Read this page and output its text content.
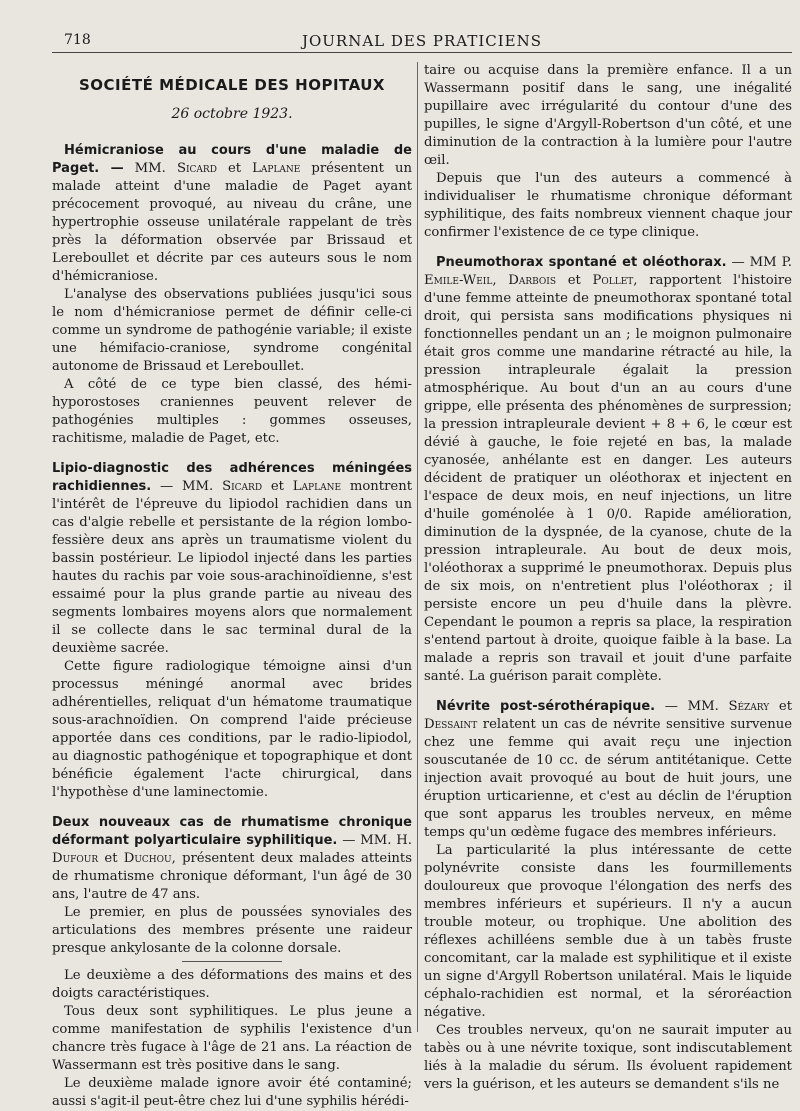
718	JOURNAL DES PRATICIENS
SOCIÉTÉ MÉDICALE DES HOPITAUX
26 octobre 1923.

Hémicraniose au cours d'une maladie de Paget. — MM. Sicard et Laplane présentent un malade atteint d'une maladie de Paget ayant précocement provoqué, au niveau du crâne, une hypertrophie osseuse unilatérale rappelant de très près la déformation observée par Brissaud et Lereboullet et décrite par ces auteurs sous le nom d'hémicraniose.

L'analyse des observations publiées jusqu'ici sous le nom d'hémicraniose permet de définir celle-ci comme un syndrome de pathogénie variable; il existe une hémifacio-craniose, syndrome congénital autonome de Brissaud et Lereboullet.

A côté de ce type bien classé, des hémi-hyporostoses craniennes peuvent relever de pathogénies multiples : gommes osseuses, rachitisme, maladie de Paget, etc.

Lipio-diagnostic des adhérences méningées rachidiennes. — MM. Sicard et Laplane montrent l'intérêt de l'épreuve du lipiodol rachidien dans un cas d'algie rebelle et persistante de la région lombo-fessière deux ans après un traumatisme violent du bassin postérieur. Le lipiodol injecté dans les parties hautes du rachis par voie sous-arachinoïdienne, s'est essaimé pour la plus grande partie au niveau des segments lombaires moyens alors que normalement il se collecte dans le sac terminal dural de la deuxième sacrée.

Cette figure radiologique témoigne ainsi d'un processus méningé anormal avec brides adhérentielles, reliquat d'un hématome traumatique sous-arachnoïdien. On comprend l'aide précieuse apportée dans ces conditions, par le radio-lipiodol, au diagnostic pathogénique et topographique et dont bénéficie également l'acte chirurgical, dans l'hypothèse d'une laminectomie.

Deux nouveaux cas de rhumatisme chronique déformant polyarticulaire syphilitique. — MM. H. Dufour et Duchou, présentent deux malades atteints de rhumatisme chronique déformant, l'un âgé de 30 ans, l'autre de 47 ans.

Le premier, en plus de poussées synoviales des articulations des membres présente une raideur presque ankylosante de la colonne dorsale.

Le deuxième a des déformations des mains et des doigts caractéristiques.

Tous deux sont syphilitiques. Le plus jeune a comme manifestation de syphilis l'existence d'un chancre très fugace à l'âge de 21 ans. La réaction de Wassermann est très positive dans le sang.

Le deuxième malade ignore avoir été contaminé; aussi s'agit-il peut-être chez lui d'une syphilis hérédi-

taire ou acquise dans la première enfance. Il a un Wassermann positif dans le sang, une inégalité pupillaire avec irrégularité du contour d'une des pupilles, le signe d'Argyll-Robertson d'un côté, et une diminution de la contraction à la lumière pour l'autre œil.

Depuis que l'un des auteurs a commencé à individualiser le rhumatisme chronique déformant syphilitique, des faits nombreux viennent chaque jour confirmer l'existence de ce type clinique.

Pneumothorax spontané et oléothorax. — MM P. Emile-Weil, Darbois et Pollet, rapportent l'histoire d'une femme atteinte de pneumothorax spontané total droit, qui persista sans modifications physiques ni fonctionnelles pendant un an ; le moignon pulmonaire était gros comme une mandarine rétracté au hile, la pression intrapleurale égalait la pression atmosphérique. Au bout d'un an au cours d'une grippe, elle présenta des phénomènes de surpression; la pression intrapleurale devient + 8 + 6, le cœur est dévié à gauche, le foie rejeté en bas, la malade cyanosée, anhélante est en danger. Les auteurs décident de pratiquer un oléothorax et injectent en l'espace de deux mois, en neuf injections, un litre d'huile goménolée à 1 0/0. Rapide amélioration, diminution de la dyspnée, de la cyanose, chute de la pression intrapleurale. Au bout de deux mois, l'oléothorax a supprimé le pneumothorax. Depuis plus de six mois, on n'entretient plus l'oléothorax ; il persiste encore un peu d'huile dans la plèvre. Cependant le poumon a repris sa place, la respiration s'entend partout à droite, quoique faible à la base. La malade a repris son travail et jouit d'une parfaite santé. La guérison parait complète.

Névrite post-sérothérapique. — MM. Sézary et Dessaint relatent un cas de névrite sensitive survenue chez une femme qui avait reçu une injection souscutanée de 10 cc. de sérum antitétanique. Cette injection avait provoqué au bout de huit jours, une éruption urticarienne, et c'est au déclin de l'éruption que sont apparus les troubles nerveux, en même temps qu'un œdème fugace des membres inférieurs.

La particularité la plus intéressante de cette polynévrite consiste dans les fourmillements douloureux que provoque l'élongation des nerfs des membres inférieurs et supérieurs. Il n'y a aucun trouble moteur, ou trophique. Une abolition des réflexes achilléens semble due à un tabès fruste concomitant, car la malade est syphilitique et il existe un signe d'Argyll Robertson unilatéral. Mais le liquide céphalo-rachidien est normal, et la séroréaction négative.

Ces troubles nerveux, qu'on ne saurait imputer au tabès ou à une névrite toxique, sont indiscutablement liés à la maladie du sérum. Ils évoluent rapidement vers la guérison, et les auteurs se demandent s'ils ne
